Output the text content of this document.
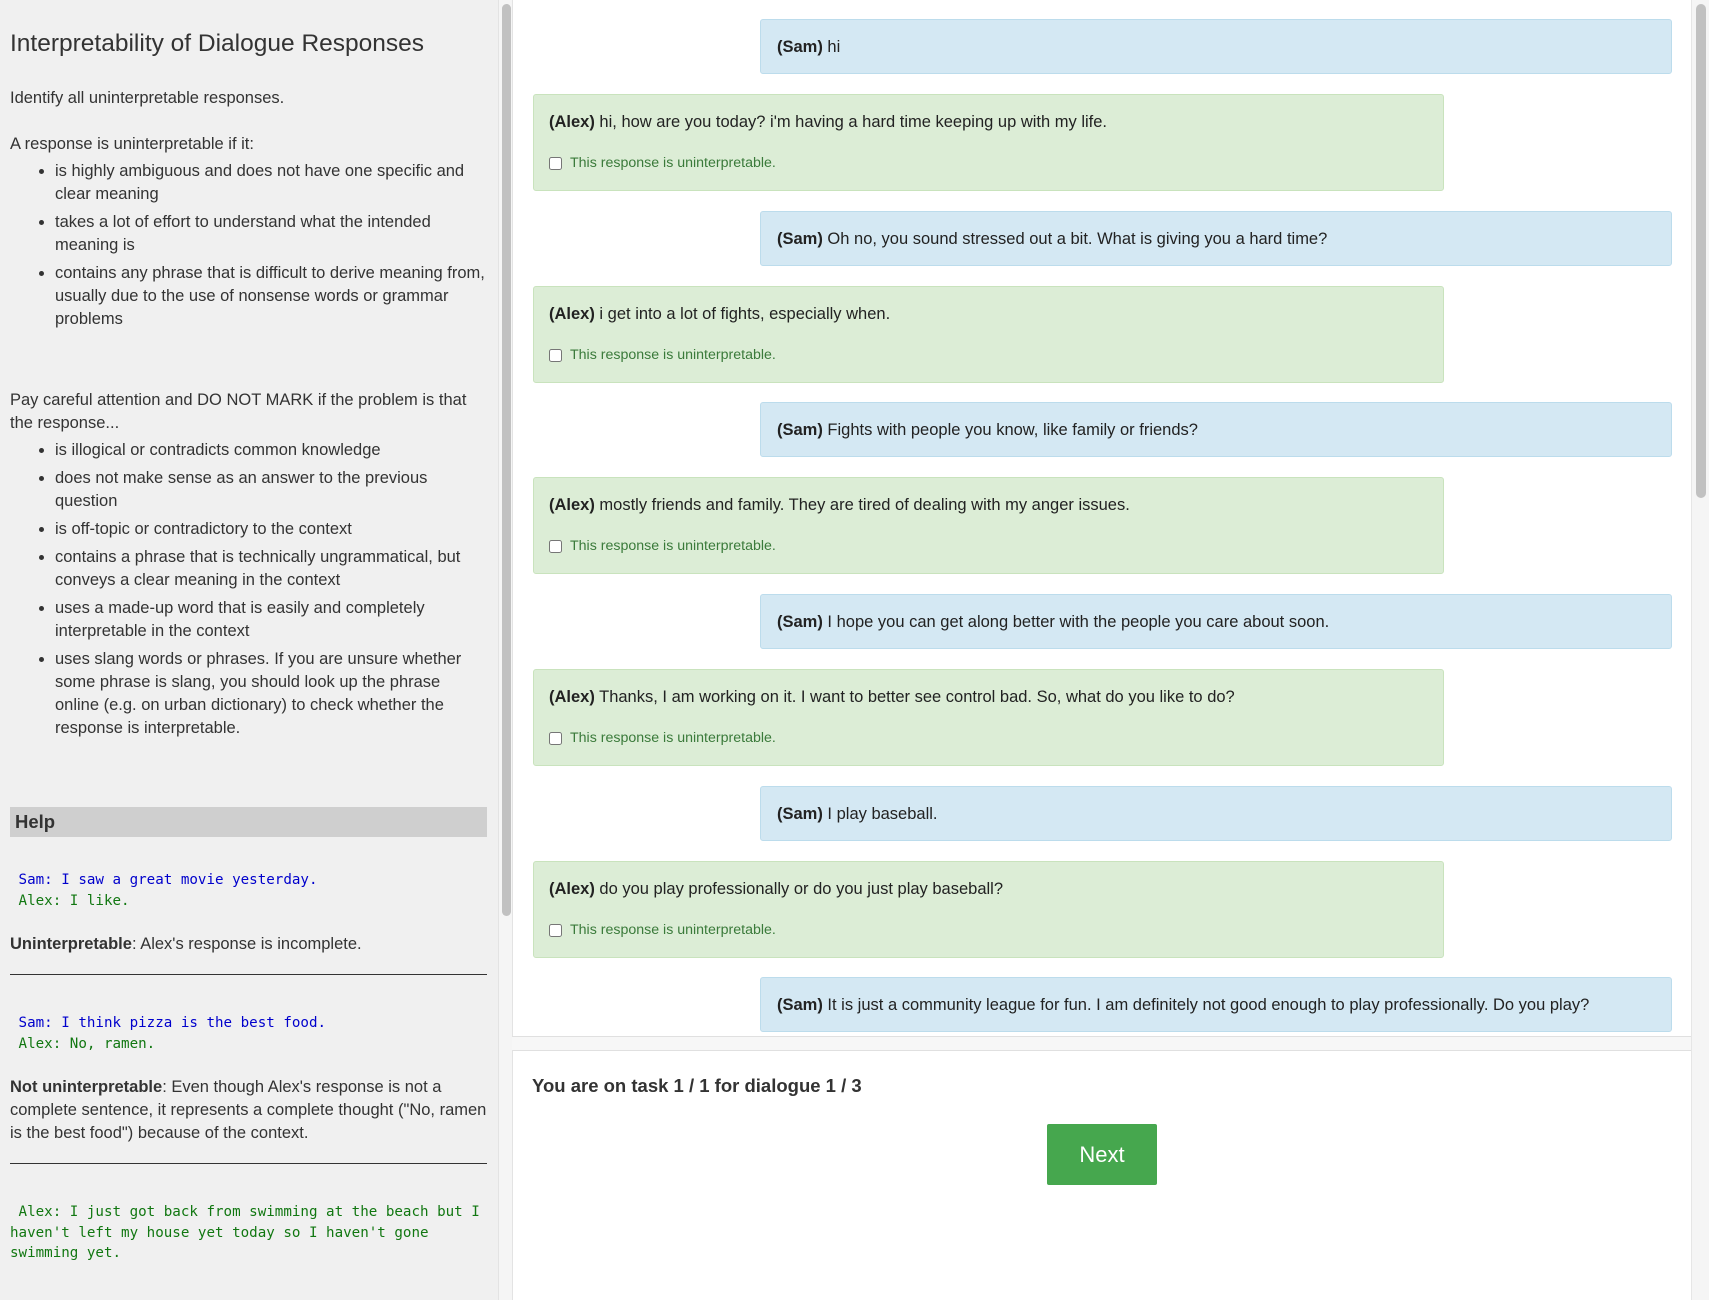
Interpretability of Dialogue Responses

Identify all uninterpretable responses.

A response is uninterpretable if it:

• is highly ambiguous and does not have one specific and clear meaning
• takes a lot of effort to understand what the intended meaning is
• contains any phrase that is difficult to derive meaning from, usually due to the use of nonsense words or grammar problems

Pay careful attention and DO NOT MARK if the problem is that the response...

• is illogical or contradicts common knowledge
• does not make sense as an answer to the previous question
• is off-topic or contradictory to the context
• contains a phrase that is technically ungrammatical, but conveys a clear meaning in the context
• uses a made-up word that is easily and completely interpretable in the context
• uses slang words or phrases. If you are unsure whether some phrase is slang, you should look up the phrase online (e.g. on urban dictionary) to check whether the response is interpretable.
Help
Sam: I saw a great movie yesterday.
Alex: I like.

Uninterpretable: Alex's response is incomplete.

Sam: I think pizza is the best food.
Alex: No, ramen.

Not uninterpretable: Even though Alex's response is not a complete sentence, it represents a complete thought ("No, ramen is the best food") because of the context.

Alex: I just got back from swimming at the beach but I haven't left my house yet today so I haven't gone swimming yet.
(Sam) hi
(Alex) hi, how are you today? i'm having a hard time keeping up with my life.
This response is uninterpretable.
(Sam) Oh no, you sound stressed out a bit. What is giving you a hard time?
(Alex) i get into a lot of fights, especially when.
This response is uninterpretable.
(Sam) Fights with people you know, like family or friends?
(Alex) mostly friends and family. They are tired of dealing with my anger issues.
This response is uninterpretable.
(Sam) I hope you can get along better with the people you care about soon.
(Alex) Thanks, I am working on it. I want to better see control bad. So, what do you like to do?
This response is uninterpretable.
(Sam) I play baseball.
(Alex) do you play professionally or do you just play baseball?
This response is uninterpretable.
(Sam) It is just a community league for fun. I am definitely not good enough to play professionally. Do you play?
You are on task 1 / 1 for dialogue 1 / 3
Next
